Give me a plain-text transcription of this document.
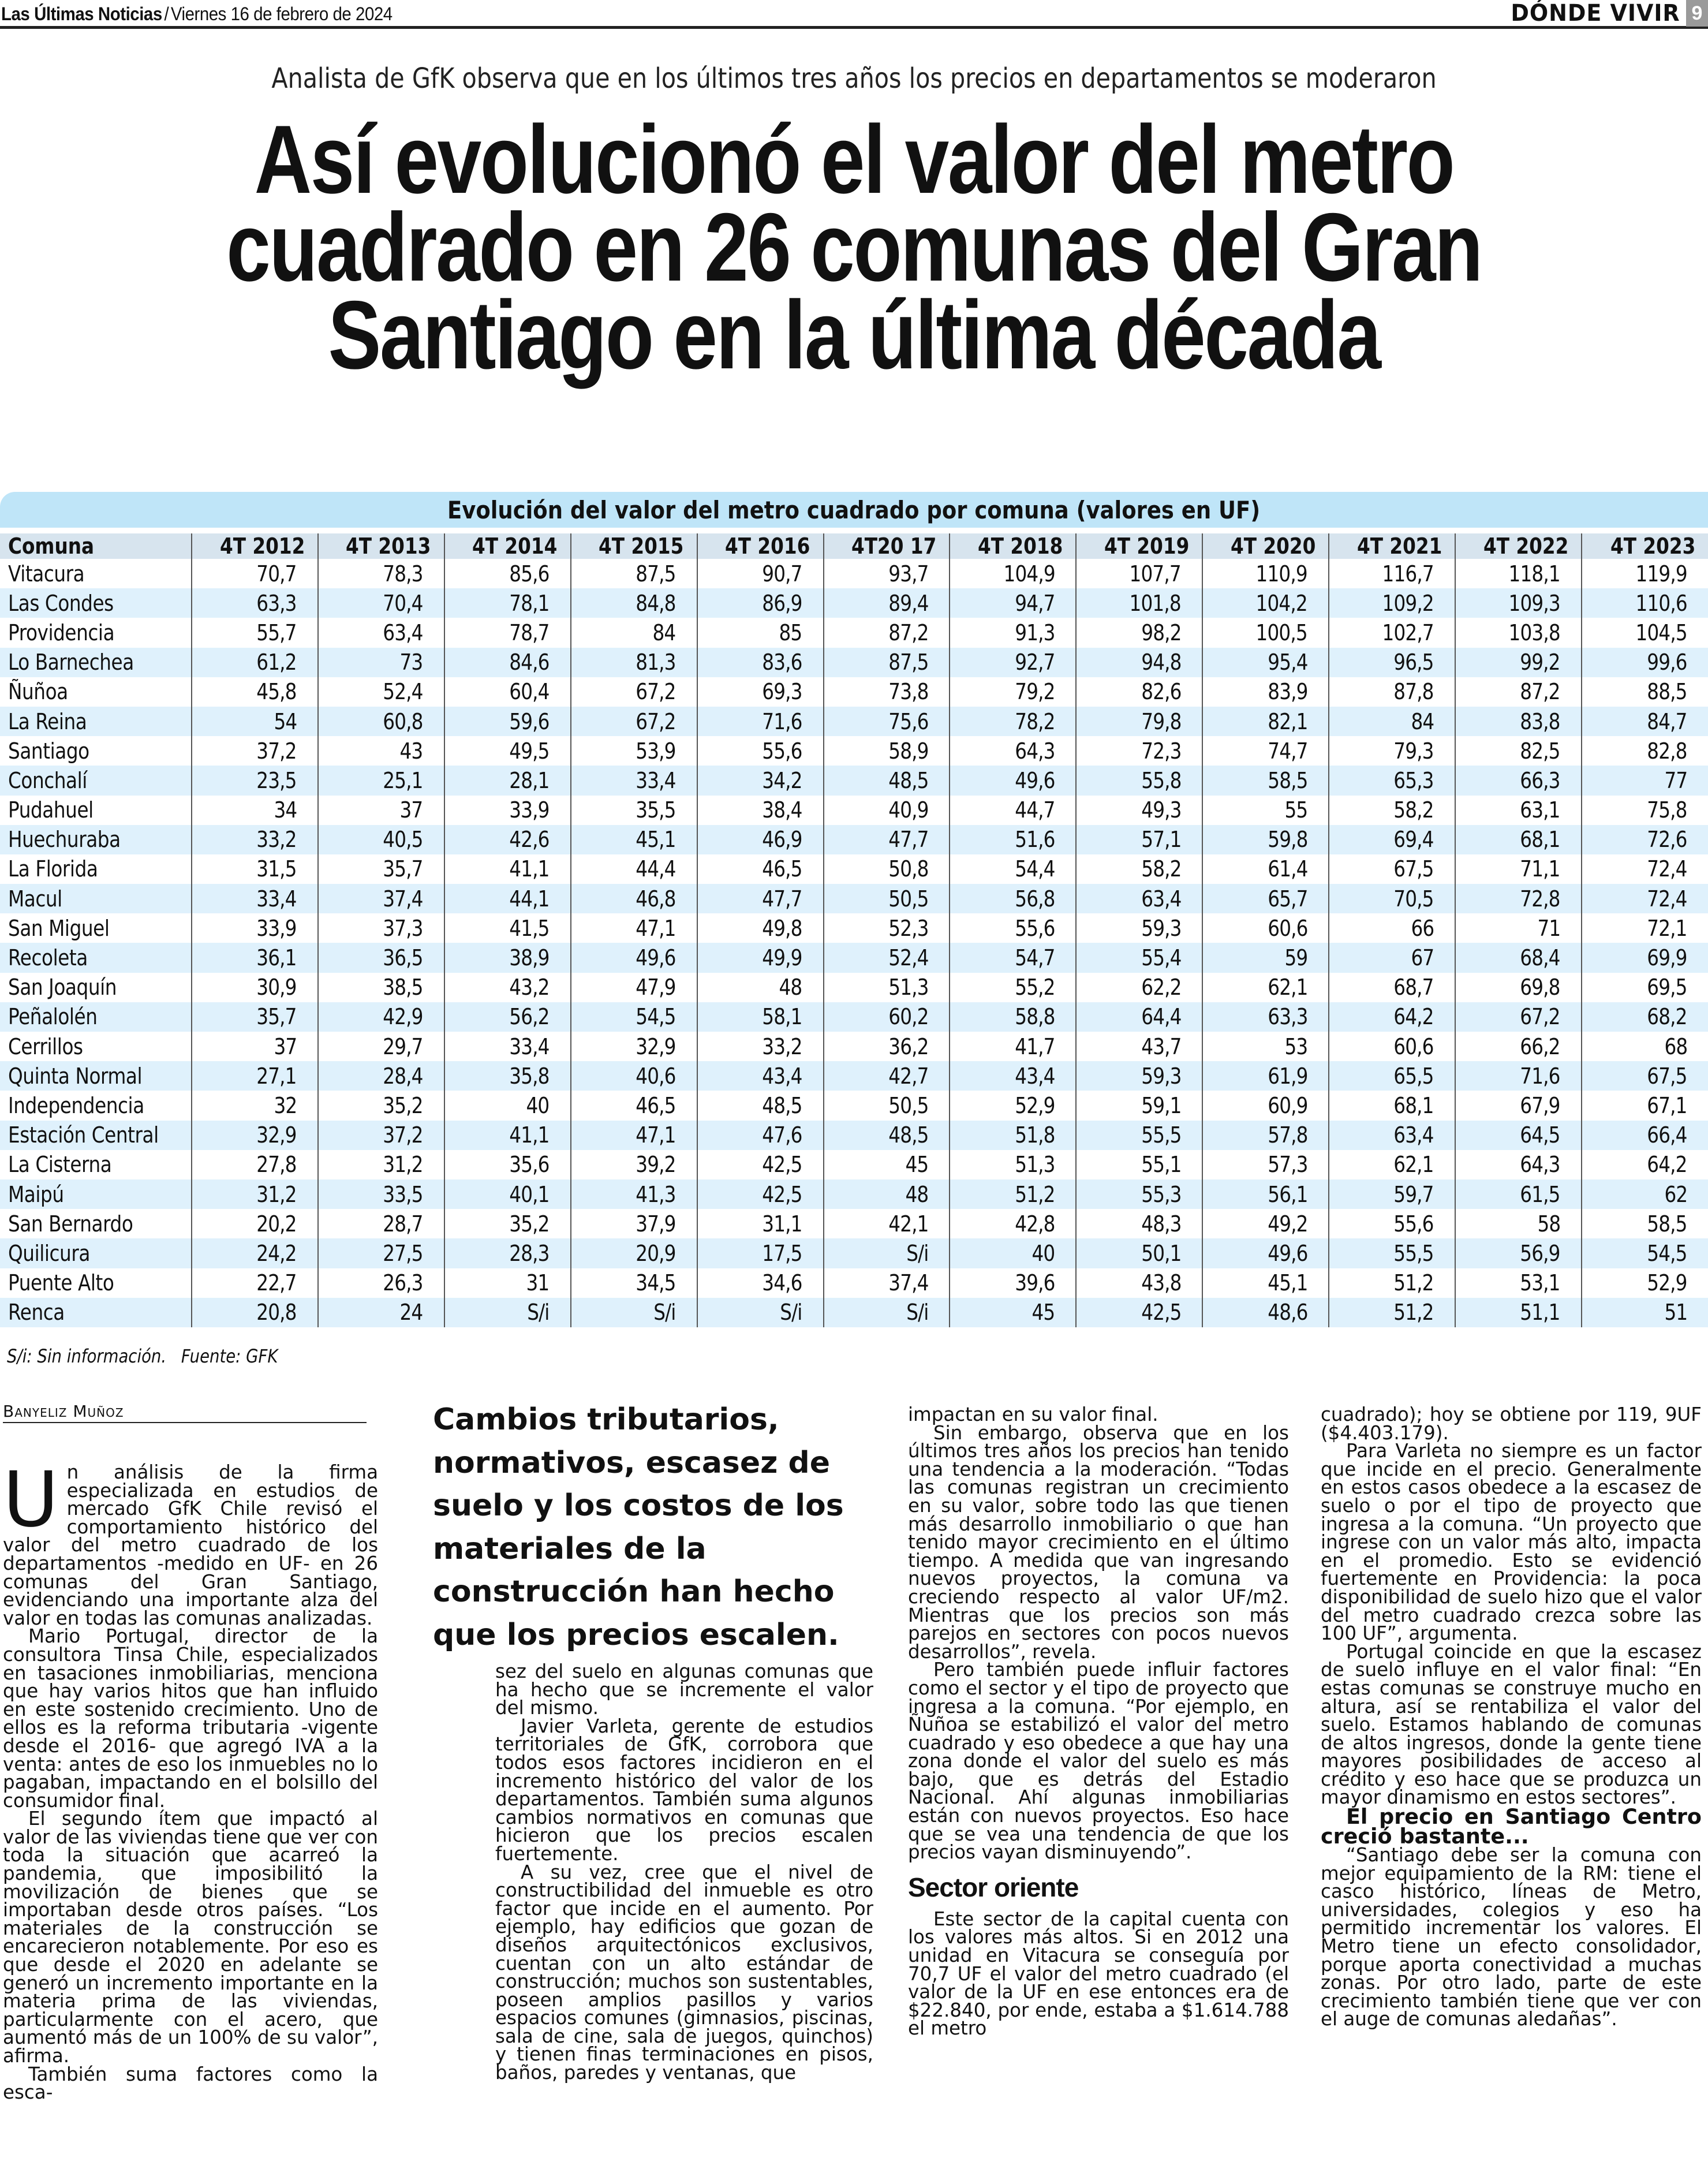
Las Últimas Noticias / Viernes 16 de febrero de 2024	DÓNDE VIVIR 9
Analista de GfK observa que en los últimos tres años los precios en departamentos se moderaron
Así evolucionó el valor del metro
cuadrado en 26 comunas del Gran
Santiago en la última década
Evolución del valor del metro cuadrado por comuna (valores en UF)
Comuna	4T 2012	4T 2013	4T 2014	4T 2015	4T 2016	4T20 17	4T 2018	4T 2019	4T 2020	4T 2021	4T 2022	4T 2023
Vitacura	70,7	78,3	85,6	87,5	90,7	93,7	104,9	107,7	110,9	116,7	118,1	119,9
Las Condes	63,3	70,4	78,1	84,8	86,9	89,4	94,7	101,8	104,2	109,2	109,3	110,6
Providencia	55,7	63,4	78,7	84	85	87,2	91,3	98,2	100,5	102,7	103,8	104,5
Lo Barnechea	61,2	73	84,6	81,3	83,6	87,5	92,7	94,8	95,4	96,5	99,2	99,6
Ñuñoa	45,8	52,4	60,4	67,2	69,3	73,8	79,2	82,6	83,9	87,8	87,2	88,5
La Reina	54	60,8	59,6	67,2	71,6	75,6	78,2	79,8	82,1	84	83,8	84,7
Santiago	37,2	43	49,5	53,9	55,6	58,9	64,3	72,3	74,7	79,3	82,5	82,8
Conchalí	23,5	25,1	28,1	33,4	34,2	48,5	49,6	55,8	58,5	65,3	66,3	77
Pudahuel	34	37	33,9	35,5	38,4	40,9	44,7	49,3	55	58,2	63,1	75,8
Huechuraba	33,2	40,5	42,6	45,1	46,9	47,7	51,6	57,1	59,8	69,4	68,1	72,6
La Florida	31,5	35,7	41,1	44,4	46,5	50,8	54,4	58,2	61,4	67,5	71,1	72,4
Macul	33,4	37,4	44,1	46,8	47,7	50,5	56,8	63,4	65,7	70,5	72,8	72,4
San Miguel	33,9	37,3	41,5	47,1	49,8	52,3	55,6	59,3	60,6	66	71	72,1
Recoleta	36,1	36,5	38,9	49,6	49,9	52,4	54,7	55,4	59	67	68,4	69,9
San Joaquín	30,9	38,5	43,2	47,9	48	51,3	55,2	62,2	62,1	68,7	69,8	69,5
Peñalolén	35,7	42,9	56,2	54,5	58,1	60,2	58,8	64,4	63,3	64,2	67,2	68,2
Cerrillos	37	29,7	33,4	32,9	33,2	36,2	41,7	43,7	53	60,6	66,2	68
Quinta Normal	27,1	28,4	35,8	40,6	43,4	42,7	43,4	59,3	61,9	65,5	71,6	67,5
Independencia	32	35,2	40	46,5	48,5	50,5	52,9	59,1	60,9	68,1	67,9	67,1
Estación Central	32,9	37,2	41,1	47,1	47,6	48,5	51,8	55,5	57,8	63,4	64,5	66,4
La Cisterna	27,8	31,2	35,6	39,2	42,5	45	51,3	55,1	57,3	62,1	64,3	64,2
Maipú	31,2	33,5	40,1	41,3	42,5	48	51,2	55,3	56,1	59,7	61,5	62
San Bernardo	20,2	28,7	35,2	37,9	31,1	42,1	42,8	48,3	49,2	55,6	58	58,5
Quilicura	24,2	27,5	28,3	20,9	17,5	S/i	40	50,1	49,6	55,5	56,9	54,5
Puente Alto	22,7	26,3	31	34,5	34,6	37,4	39,6	43,8	45,1	51,2	53,1	52,9
Renca	20,8	24	S/i	S/i	S/i	S/i	45	42,5	48,6	51,2	51,1	51
S/i: Sin información. Fuente: GFK
Banyeliz Muñoz
U n análisis de la firma especializada en estudios de mercado GfK Chile revisó el comportamiento histórico del valor del metro cuadrado de los departamentos -medido en UF- en 26 comunas del Gran Santiago, evidenciando una importante alza del valor en todas las comunas analizadas.

Mario Portugal, director de la consultora Tinsa Chile, especializados en tasaciones inmobiliarias, menciona que hay varios hitos que han influido en este sostenido crecimiento. Uno de ellos es la reforma tributaria -vigente desde el 2016- que agregó IVA a la venta: antes de eso los inmuebles no lo pagaban, impactando en el bolsillo del consumidor final.

El segundo ítem que impactó al valor de las viviendas tiene que ver con toda la situación que acarreó la pandemia, que imposibilitó la movilización de bienes que se importaban desde otros países. “Los materiales de la construcción se encarecieron notablemente. Por eso es que desde el 2020 en adelante se generó un incremento importante en la materia prima de las viviendas, particularmente con el acero, que aumentó más de un 100% de su valor”, afirma.

También suma factores como la esca-

Cambios tributarios, normativos, escasez de suelo y los costos de los materiales de la construcción han hecho que los precios escalen.

sez del suelo en algunas comunas que ha hecho que se incremente el valor del mismo.

Javier Varleta, gerente de estudios territoriales de GfK, corrobora que todos esos factores incidieron en el incremento histórico del valor de los departamentos. También suma algunos cambios normativos en comunas que hicieron que los precios escalen fuertemente.

A su vez, cree que el nivel de constructibilidad del inmueble es otro factor que incide en el aumento. Por ejemplo, hay edificios que gozan de diseños arquitectónicos exclusivos, cuentan con un alto estándar de construcción; muchos son sustentables, poseen amplios pasillos y varios espacios comunes (gimnasios, piscinas, sala de cine, sala de juegos, quinchos) y tienen finas terminaciones en pisos, baños, paredes y ventanas, que

impactan en su valor final.

Sin embargo, observa que en los últimos tres años los precios han tenido una tendencia a la moderación. “Todas las comunas registran un crecimiento en su valor, sobre todo las que tienen más desarrollo inmobiliario o que han tenido mayor crecimiento en el último tiempo. A medida que van ingresando nuevos proyectos, la comuna va creciendo respecto al valor UF/m2. Mientras que los precios son más parejos en sectores con pocos nuevos desarrollos”, revela.

Pero también puede influir factores como el sector y el tipo de proyecto que ingresa a la comuna. “Por ejemplo, en Ñuñoa se estabilizó el valor del metro cuadrado y eso obedece a que hay una zona donde el valor del suelo es más bajo, que es detrás del Estadio Nacional. Ahí algunas inmobiliarias están con nuevos proyectos. Eso hace que se vea una tendencia de que los precios vayan disminuyendo”.

Sector oriente

Este sector de la capital cuenta con los valores más altos. Si en 2012 una unidad en Vitacura se conseguía por 70,7 UF el valor del metro cuadrado (el valor de la UF en ese entonces era de $22.840, por ende, estaba a $1.614.788 el metro

cuadrado); hoy se obtiene por 119, 9UF ($4.403.179).

Para Varleta no siempre es un factor que incide en el precio. Generalmente en estos casos obedece a la escasez de suelo o por el tipo de proyecto que ingresa a la comuna. “Un proyecto que ingrese con un valor más alto, impacta en el promedio. Esto se evidenció fuertemente en Providencia: la poca disponibilidad de suelo hizo que el valor del metro cuadrado crezca sobre las 100 UF”, argumenta.

Portugal coincide en que la escasez de suelo influye en el valor final: “En estas comunas se construye mucho en altura, así se rentabiliza el valor del suelo. Estamos hablando de comunas de altos ingresos, donde la gente tiene mayores posibilidades de acceso al crédito y eso hace que se produzca un mayor dinamismo en estos sectores”.

El precio en Santiago Centro creció bastante...

“Santiago debe ser la comuna con mejor equipamiento de la RM: tiene el casco histórico, líneas de Metro, universidades, colegios y eso ha permitido incrementar los valores. El Metro tiene un efecto consolidador, porque aporta conectividad a muchas zonas. Por otro lado, parte de este crecimiento también tiene que ver con el auge de comunas aledañas”.
